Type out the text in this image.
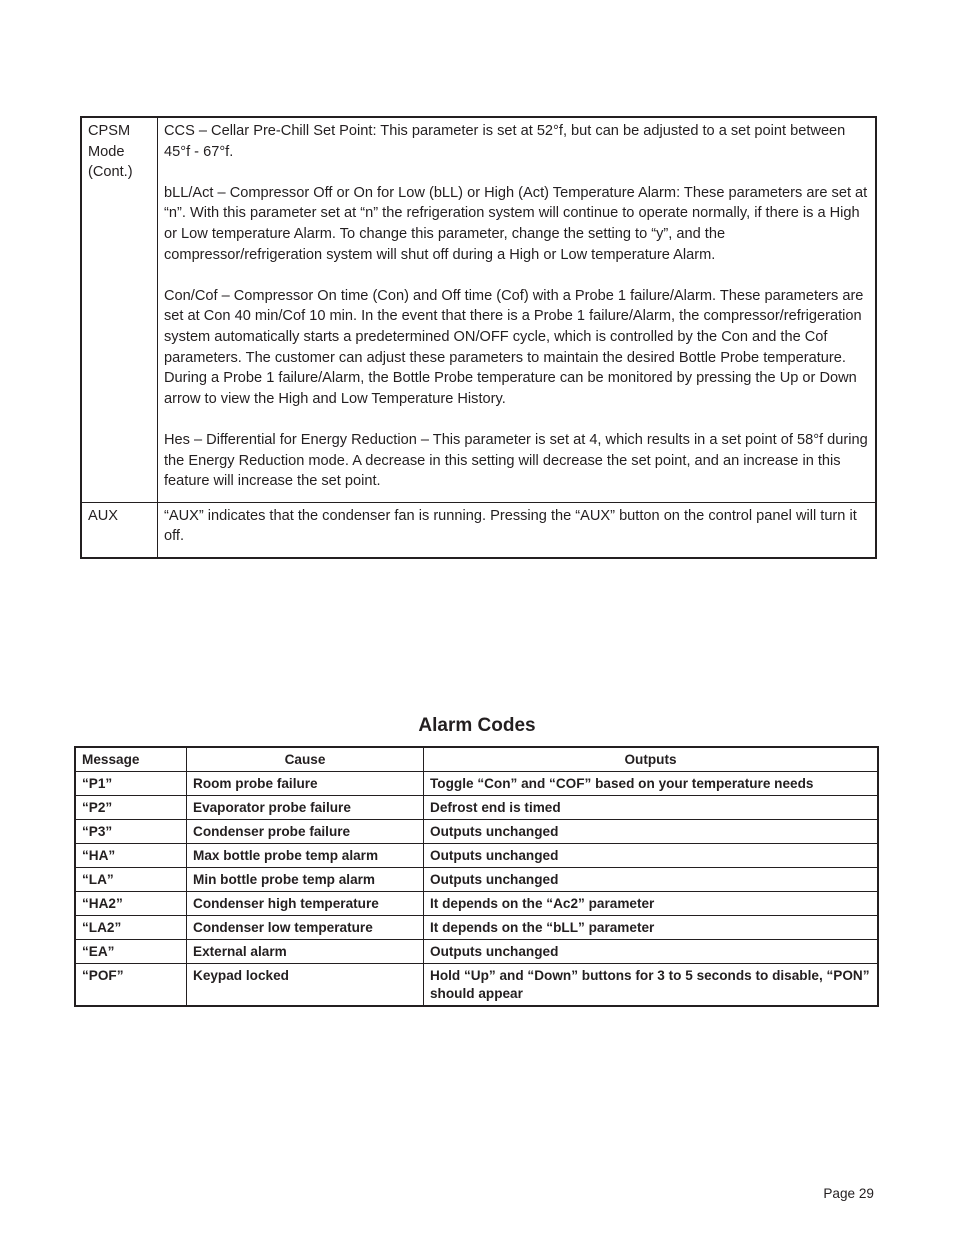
CPSM Mode (Cont.)	CCS – Cellar Pre-Chill Set Point: This parameter is set at 52°f, but can be adjusted to a set point between 45°f - 67°f.

bLL/Act – Compressor Off or On for Low (bLL) or High (Act) Temperature Alarm: These parameters are set at “n”. With this parameter set at “n” the refrigeration system will continue to operate normally, if there is a High or Low temperature Alarm. To change this parameter, change the setting to “y”, and the compressor/refrigeration system will shut off during a High or Low temperature Alarm.

Con/Cof – Compressor On time (Con) and Off time (Cof) with a Probe 1 failure/Alarm. These parameters are set at Con 40 min/Cof 10 min. In the event that there is a Probe 1 failure/Alarm, the compressor/refrigeration system automatically starts a predetermined ON/OFF cycle, which is controlled by the Con and the Cof parameters. The customer can adjust these parameters to maintain the desired Bottle Probe temperature. During a Probe 1 failure/Alarm, the Bottle Probe temperature can be monitored by pressing the Up or Down arrow to view the High and Low Temperature History.

Hes – Differential for Energy Reduction – This parameter is set at 4, which results in a set point of 58°f during the Energy Reduction mode. A decrease in this setting will decrease the set point, and an increase in this feature will increase the set point.

AUX	“AUX” indicates that the condenser fan is running. Pressing the “AUX” button on the control panel will turn it off.

Alarm Codes
Message	Cause	Outputs
“P1”	Room probe failure	Toggle “Con” and “COF” based on your temperature needs
“P2”	Evaporator probe failure	Defrost end is timed
“P3”	Condenser probe failure	Outputs unchanged
“HA”	Max bottle probe temp alarm	Outputs unchanged
“LA”	Min bottle probe temp alarm	Outputs unchanged
“HA2”	Condenser high temperature	It depends on the “Ac2” parameter
“LA2”	Condenser low temperature	It depends on the “bLL” parameter
“EA”	External alarm	Outputs unchanged
“POF”	Keypad locked	Hold “Up” and “Down” buttons for 3 to 5 seconds to disable, “PON” should appear
Page 29
